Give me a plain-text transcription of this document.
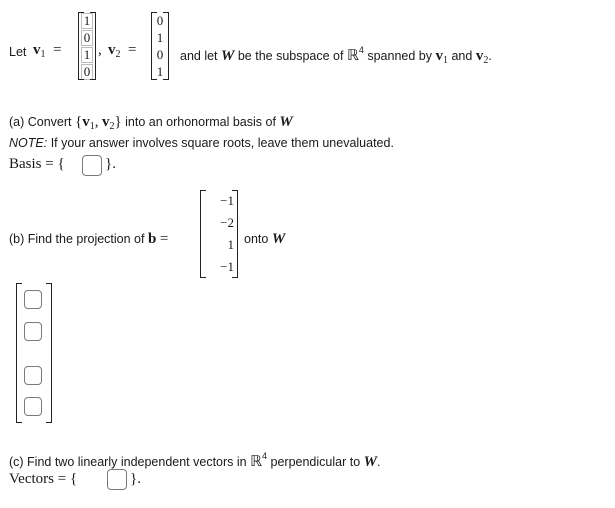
Let $v_1$ =
1
0
1
0
, $v_2$ =
0
1
0
1
and let W be the subspace of ℝ$^4$ spanned by $v_1$ and $v_2$.
(a) Convert {$v_1$, $v_2$} into an orhonormal basis of W
NOTE: If your answer involves square roots, leave them unevaluated.
Basis = {	}.
(b) Find the projection of b =
−1
−2
1
−1
onto W
(c) Find two linearly independent vectors in ℝ$^4$ perpendicular to W.
Vectors = {	}.
